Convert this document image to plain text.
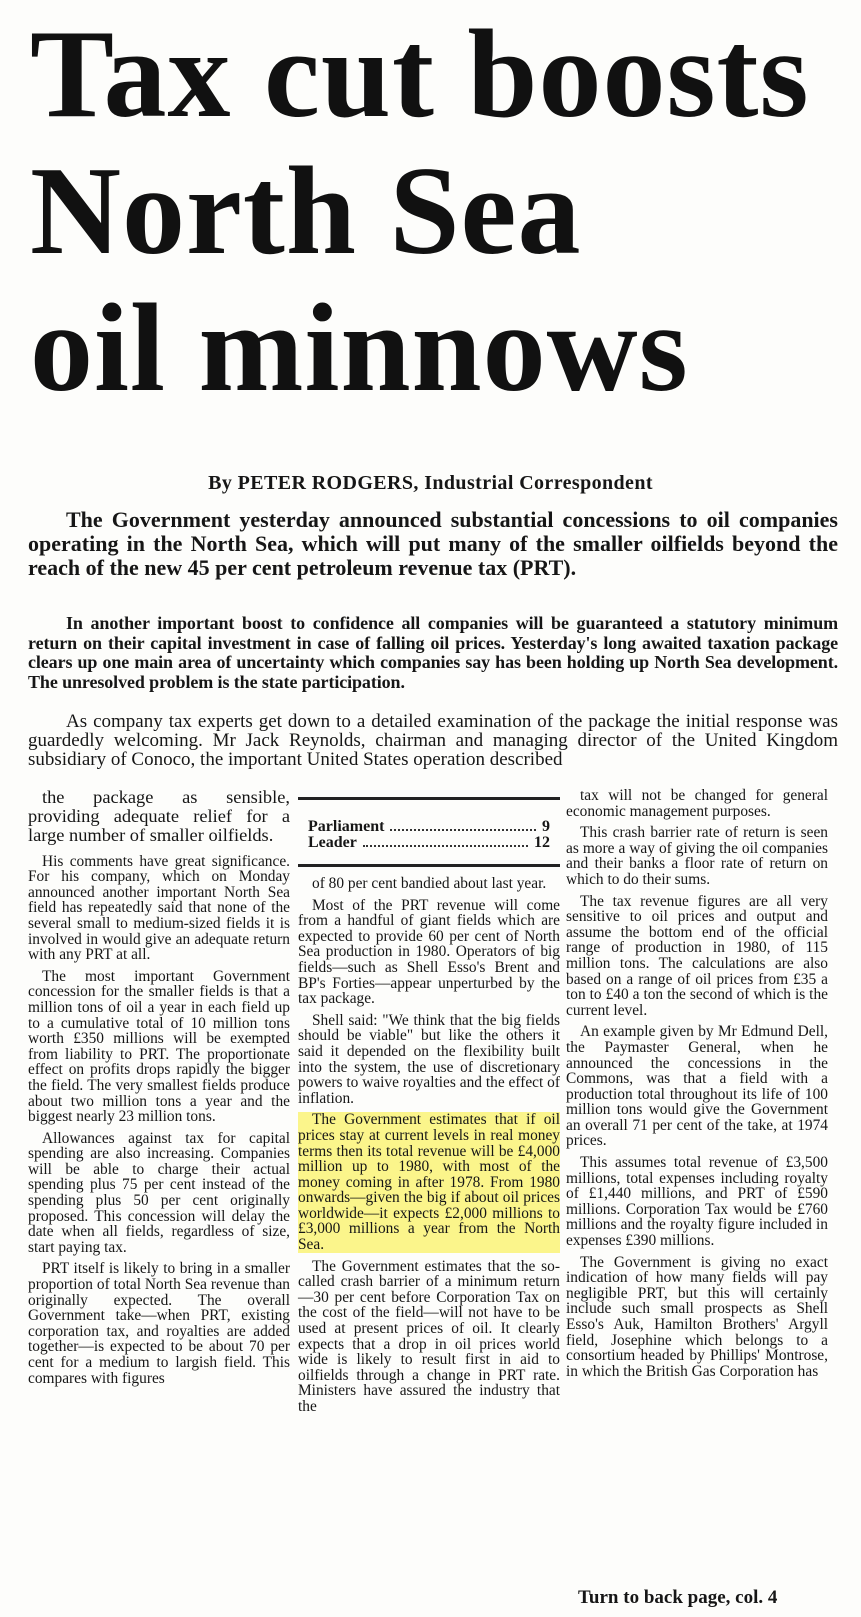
Tax cut boosts
North Sea
oil minnows
By PETER RODGERS, Industrial Correspondent

The Government yesterday announced substantial concessions to oil companies operating in the North Sea, which will put many of the smaller oilfields beyond the reach of the new 45 per cent petroleum revenue tax (PRT).

In another important boost to confidence all companies will be guaranteed a statutory minimum return on their capital investment in case of falling oil prices. Yesterday's long awaited taxation package clears up one main area of uncertainty which companies say has been holding up North Sea development. The unresolved problem is the state participation.

As company tax experts get down to a detailed examination of the package the initial response was guardedly welcoming. Mr Jack Reynolds, chairman and managing director of the United Kingdom subsidiary of Conoco, the important United States operation described

the package as sensible, providing adequate relief for a large number of smaller oilfields.

His comments have great significance. For his company, which on Monday announced another important North Sea field has repeatedly said that none of the several small to medium-sized fields it is involved in would give an adequate return with any PRT at all.

The most important Government concession for the smaller fields is that a million tons of oil a year in each field up to a cumulative total of 10 million tons worth £350 millions will be exempted from liability to PRT. The proportionate effect on profits drops rapidly the bigger the field. The very smallest fields produce about two million tons a year and the biggest nearly 23 million tons.

Allowances against tax for capital spending are also increasing. Companies will be able to charge their actual spending plus 75 per cent instead of the spending plus 50 per cent originally proposed. This concession will delay the date when all fields, regardless of size, start paying tax.

PRT itself is likely to bring in a smaller proportion of total North Sea revenue than originally expected. The overall Government take—when PRT, existing corporation tax, and royalties are added together—is expected to be about 70 per cent for a medium to largish field. This compares with figures

Parliament	9
Leader	12

of 80 per cent bandied about last year.

Most of the PRT revenue will come from a handful of giant fields which are expected to provide 60 per cent of North Sea production in 1980. Operators of big fields—such as Shell Esso's Brent and BP's Forties—appear unperturbed by the tax package.

Shell said: "We think that the big fields should be viable" but like the others it said it depended on the flexibility built into the system, the use of discretionary powers to waive royalties and the effect of inflation.

The Government estimates that if oil prices stay at current levels in real money terms then its total revenue will be £4,000 million up to 1980, with most of the money coming in after 1978. From 1980 onwards—given the big if about oil prices worldwide—it expects £2,000 millions to £3,000 millions a year from the North Sea.

The Government estimates that the so-called crash barrier of a minimum return—30 per cent before Corporation Tax on the cost of the field—will not have to be used at present prices of oil. It clearly expects that a drop in oil prices world wide is likely to result first in aid to oilfields through a change in PRT rate. Ministers have assured the industry that the

tax will not be changed for general economic management purposes.

This crash barrier rate of return is seen as more a way of giving the oil companies and their banks a floor rate of return on which to do their sums.

The tax revenue figures are all very sensitive to oil prices and output and assume the bottom end of the official range of production in 1980, of 115 million tons. The calculations are also based on a range of oil prices from £35 a ton to £40 a ton the second of which is the current level.

An example given by Mr Edmund Dell, the Paymaster General, when he announced the concessions in the Commons, was that a field with a production total throughout its life of 100 million tons would give the Government an overall 71 per cent of the take, at 1974 prices.

This assumes total revenue of £3,500 millions, total expenses including royalty of £1,440 millions, and PRT of £590 millions. Corporation Tax would be £760 millions and the royalty figure included in expenses £390 millions.

The Government is giving no exact indication of how many fields will pay negligible PRT, but this will certainly include such small prospects as Shell Esso's Auk, Hamilton Brothers' Argyll field, Josephine which belongs to a consortium headed by Phillips' Montrose, in which the British Gas Corporation has

Turn to back page, col. 4
